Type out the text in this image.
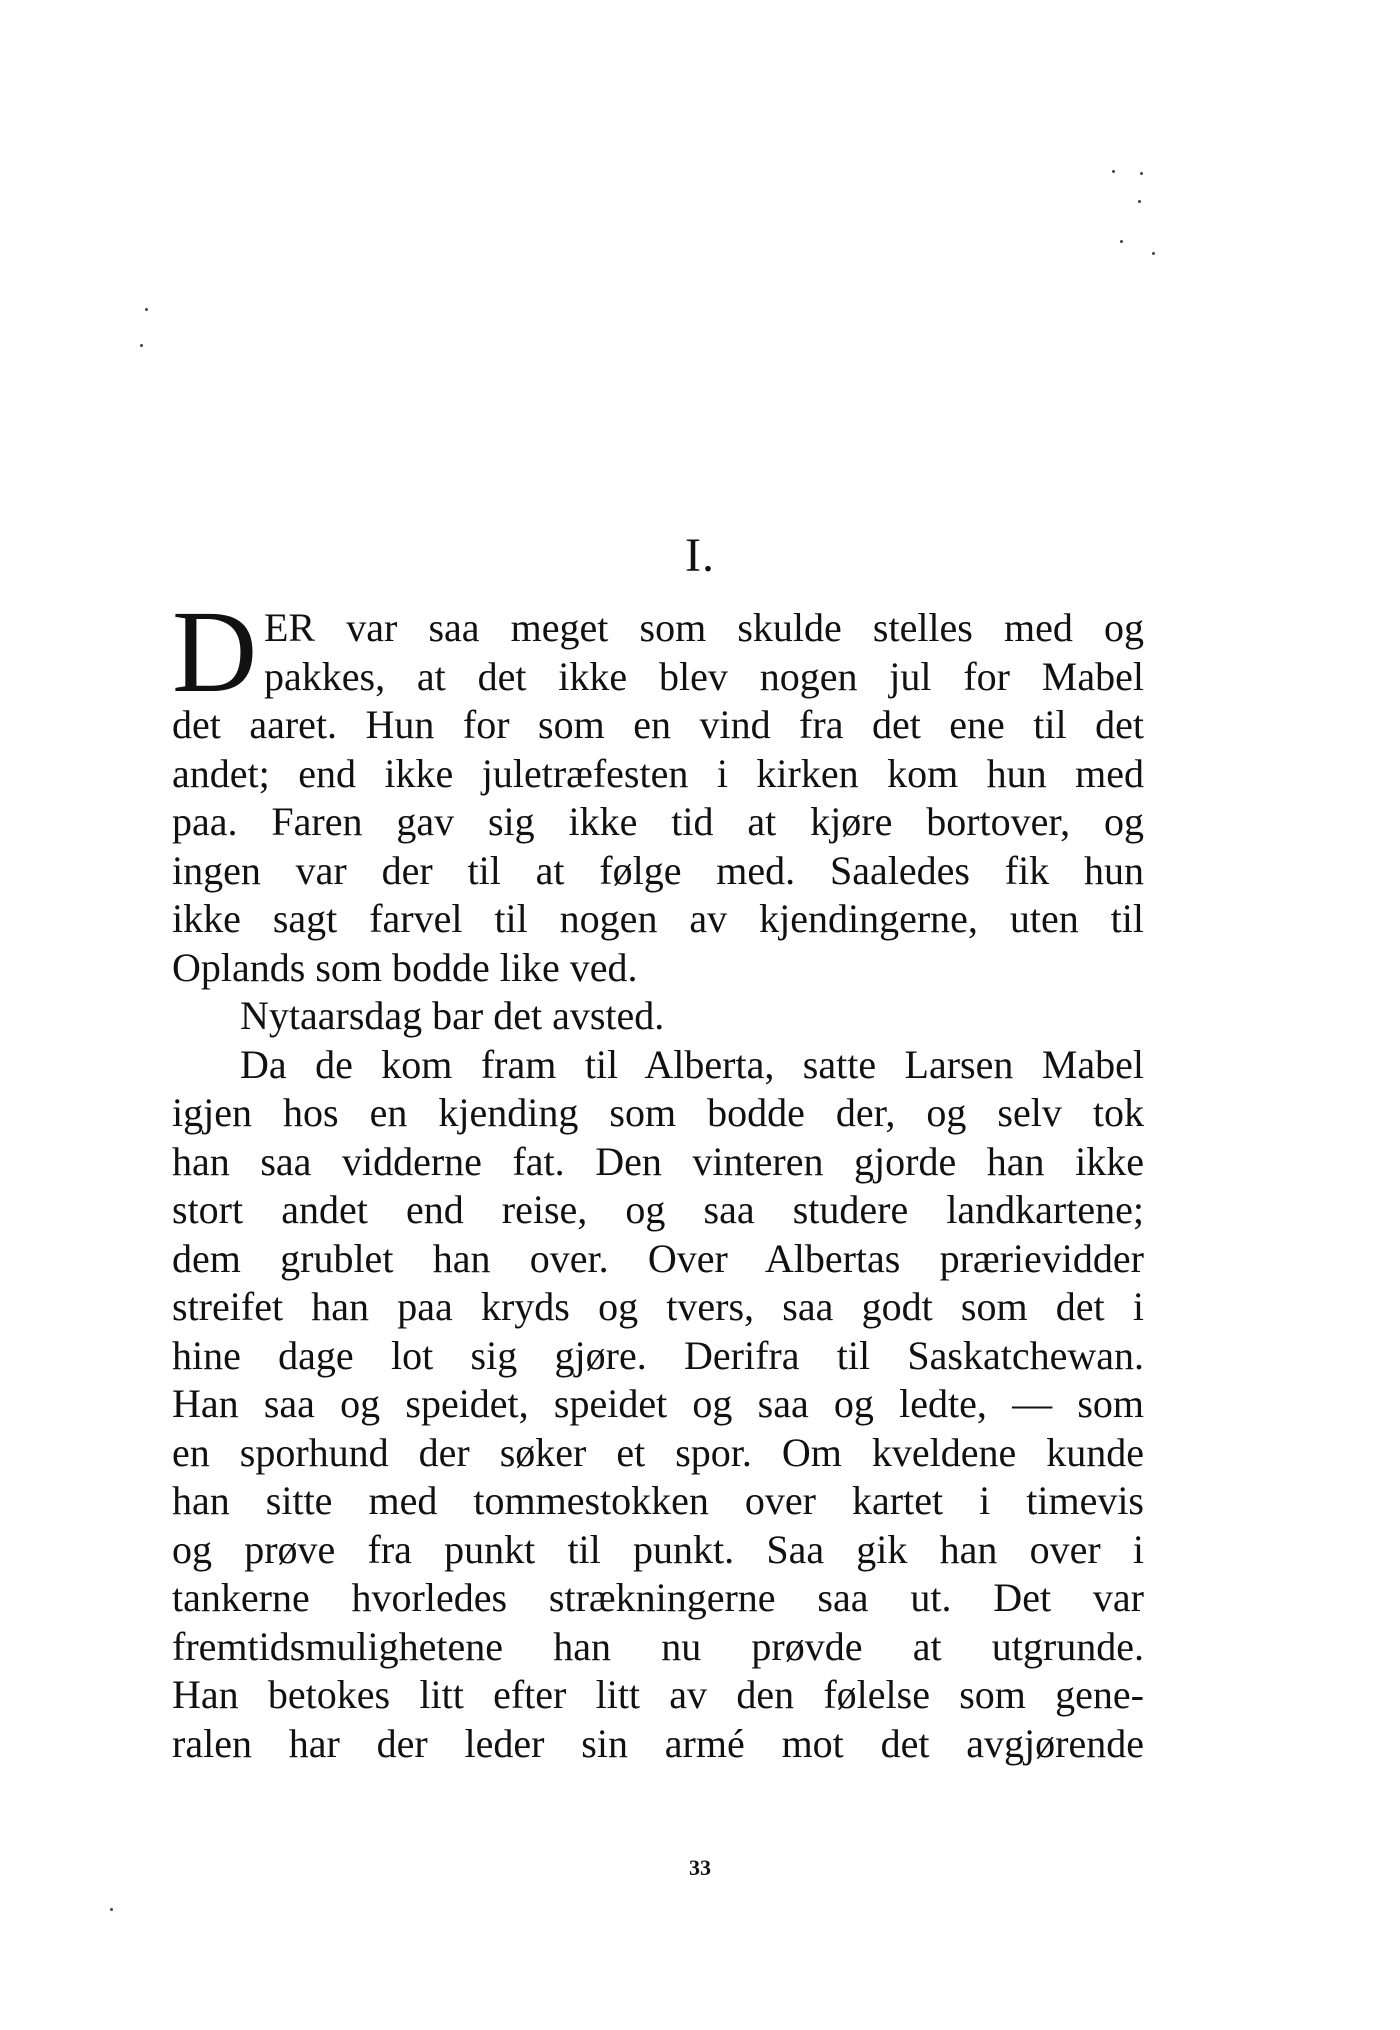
I.
D ER var saa meget som skulde stelles med og
pakkes, at det ikke blev nogen jul for Mabel
det aaret. Hun for som en vind fra det ene til det
andet; end ikke juletræfesten i kirken kom hun med
paa. Faren gav sig ikke tid at kjøre bortover, og
ingen var der til at følge med. Saaledes fik hun
ikke sagt farvel til nogen av kjendingerne, uten til
Oplands som bodde like ved.
Nytaarsdag bar det avsted.
Da de kom fram til Alberta, satte Larsen Mabel
igjen hos en kjending som bodde der, og selv tok
han saa vidderne fat. Den vinteren gjorde han ikke
stort andet end reise, og saa studere landkartene;
dem grublet han over. Over Albertas prærievidder
streifet han paa kryds og tvers, saa godt som det i
hine dage lot sig gjøre. Derifra til Saskatchewan.
Han saa og speidet, speidet og saa og ledte, — som
en sporhund der søker et spor. Om kveldene kunde
han sitte med tommestokken over kartet i timevis
og prøve fra punkt til punkt. Saa gik han over i
tankerne hvorledes strækningerne saa ut. Det var
fremtidsmulighetene han nu prøvde at utgrunde.
Han betokes litt efter litt av den følelse som gene-
ralen har der leder sin armé mot det avgjørende
33
